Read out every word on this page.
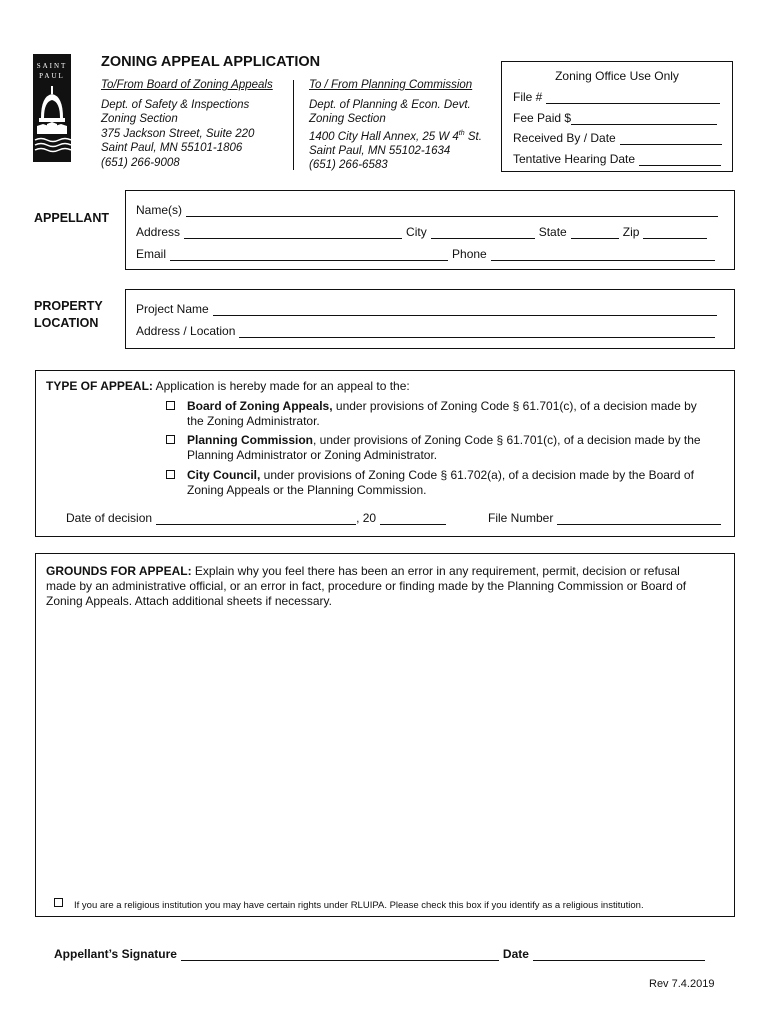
SAINT
PAUL
ZONING APPEAL APPLICATION
To/From Board of Zoning Appeals
Dept. of Safety & Inspections
Zoning Section
375 Jackson Street, Suite 220
Saint Paul, MN 55101-1806
(651) 266-9008
To / From Planning Commission
Dept. of Planning & Econ. Devt.
Zoning Section
1400 City Hall Annex, 25 W 4th St.
Saint Paul, MN 55102-1634
(651) 266-6583
Zoning Office Use Only
File #
Fee Paid $
Received By / Date
Tentative Hearing Date
APPELLANT
Name(s)
Address	City	State	Zip
Email	Phone
PROPERTY
LOCATION
Project Name
Address / Location
TYPE OF APPEAL: Application is hereby made for an appeal to the:
Board of Zoning Appeals, under provisions of Zoning Code § 61.701(c), of a decision made by
the Zoning Administrator.
Planning Commission, under provisions of Zoning Code § 61.701(c), of a decision made by the
Planning Administrator or Zoning Administrator.
City Council, under provisions of Zoning Code § 61.702(a), of a decision made by the Board of
Zoning Appeals or the Planning Commission.
Date of decision	, 20	File Number
GROUNDS FOR APPEAL: Explain why you feel there has been an error in any requirement, permit, decision or refusal
made by an administrative official, or an error in fact, procedure or finding made by the Planning Commission or Board of
Zoning Appeals. Attach additional sheets if necessary.
If you are a religious institution you may have certain rights under RLUIPA. Please check this box if you identify as a religious institution.
Appellant’s Signature	Date
Rev 7.4.2019
